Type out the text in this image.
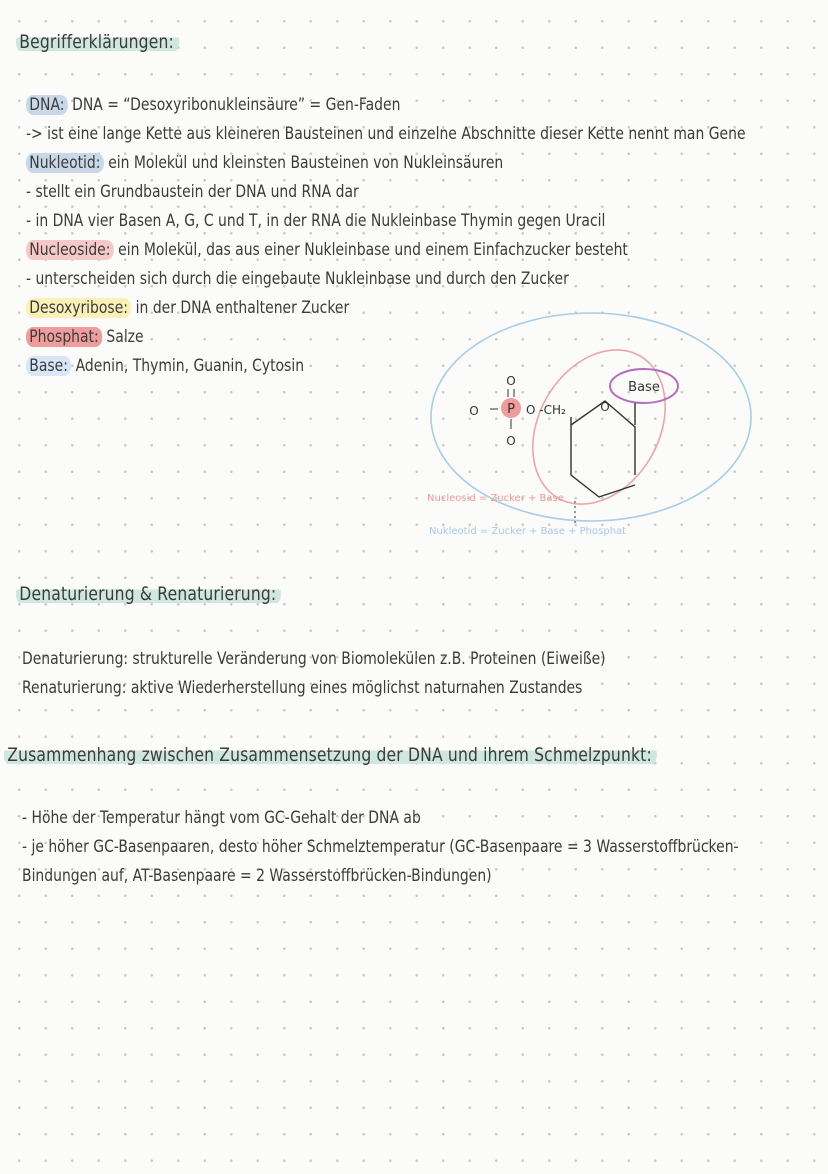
Begrifferklärungen:
DNA: DNA = “Desoxyribonukleinsäure” = Gen-Faden
-> ist eine lange Kette aus kleineren Bausteinen und einzelne Abschnitte dieser Kette nennt man Gene
Nukleotid: ein Molekül und kleinsten Bausteinen von Nukleinsäuren
- stellt ein Grundbaustein der DNA und RNA dar
- in DNA vier Basen A, G, C und T, in der RNA die Nukleinbase Thymin gegen Uracil
Nucleoside: ein Molekül, das aus einer Nukleinbase und einem Einfachzucker besteht
- unterscheiden sich durch die eingebaute Nukleinbase und durch den Zucker
Desoxyribose: in der DNA enthaltener Zucker
Phosphat: Salze
Base: Adenin, Thymin, Guanin, Cytosin
Base
P
O
O
O
O -CH₂	O
Nucleosid = Zucker + Base
Nukleotid = Zucker + Base + Phosphat
Denaturierung & Renaturierung:
Denaturierung: strukturelle Veränderung von Biomolekülen z.B. Proteinen (Eiweiße)
Renaturierung: aktive Wiederherstellung eines möglichst naturnahen Zustandes
Zusammenhang zwischen Zusammensetzung der DNA und ihrem Schmelzpunkt:
- Höhe der Temperatur hängt vom GC-Gehalt der DNA ab
- je höher GC-Basenpaaren, desto höher Schmelztemperatur (GC-Basenpaare = 3 Wasserstoffbrücken-
Bindungen auf, AT-Basenpaare = 2 Wasserstoffbrücken-Bindungen)
